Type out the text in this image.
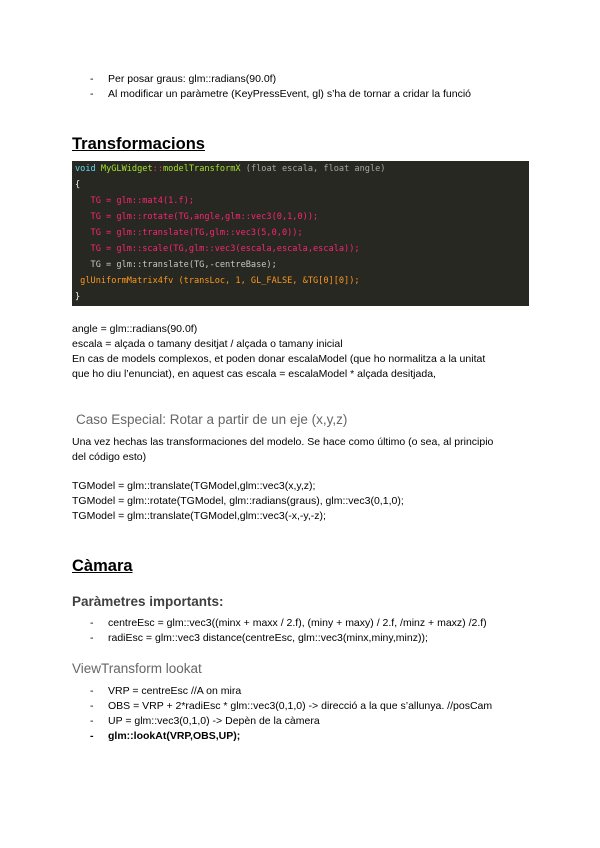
- Per posar graus: glm::radians(90.0f)
- Al modificar un paràmetre (KeyPressEvent, gl) s’ha de tornar a cridar la funció
Transformacions
void MyGLWidget::modelTransformX (float escala, float angle)
{
TG = glm::mat4(1.f);
TG = glm::rotate(TG,angle,glm::vec3(0,1,0));
TG = glm::translate(TG,glm::vec3(5,0,0));
TG = glm::scale(TG,glm::vec3(escala,escala,escala));
TG = glm::translate(TG,-centreBase);
glUniformMatrix4fv (transLoc, 1, GL_FALSE, &TG[0][0]);
}
angle = glm::radians(90.0f)
escala = alçada o tamany desitjat / alçada o tamany inicial
En cas de models complexos, et poden donar escalaModel (que ho normalitza a la unitat
que ho diu l’enunciat), en aquest cas escala = escalaModel * alçada desitjada,
Caso Especial: Rotar a partir de un eje (x,y,z)
Una vez hechas las transformaciones del modelo. Se hace como último (o sea, al principio
del código esto)
TGModel = glm::translate(TGModel,glm::vec3(x,y,z);
TGModel = glm::rotate(TGModel, glm::radians(graus), glm::vec3(0,1,0);
TGModel = glm::translate(TGModel,glm::vec3(-x,-y,-z);
Càmara
Paràmetres importants:
- centreEsc = glm::vec3((minx + maxx / 2.f), (miny + maxy) / 2.f, /minz + maxz) /2.f)
- radiEsc = glm::vec3 distance(centreEsc, glm::vec3(minx,miny,minz));
ViewTransform lookat
- VRP = centreEsc //A on mira
- OBS = VRP + 2*radiEsc * glm::vec3(0,1,0) -> direcció a la que s’allunya. //posCam
- UP = glm::vec3(0,1,0) -> Depèn de la càmera
- glm::lookAt(VRP,OBS,UP);
